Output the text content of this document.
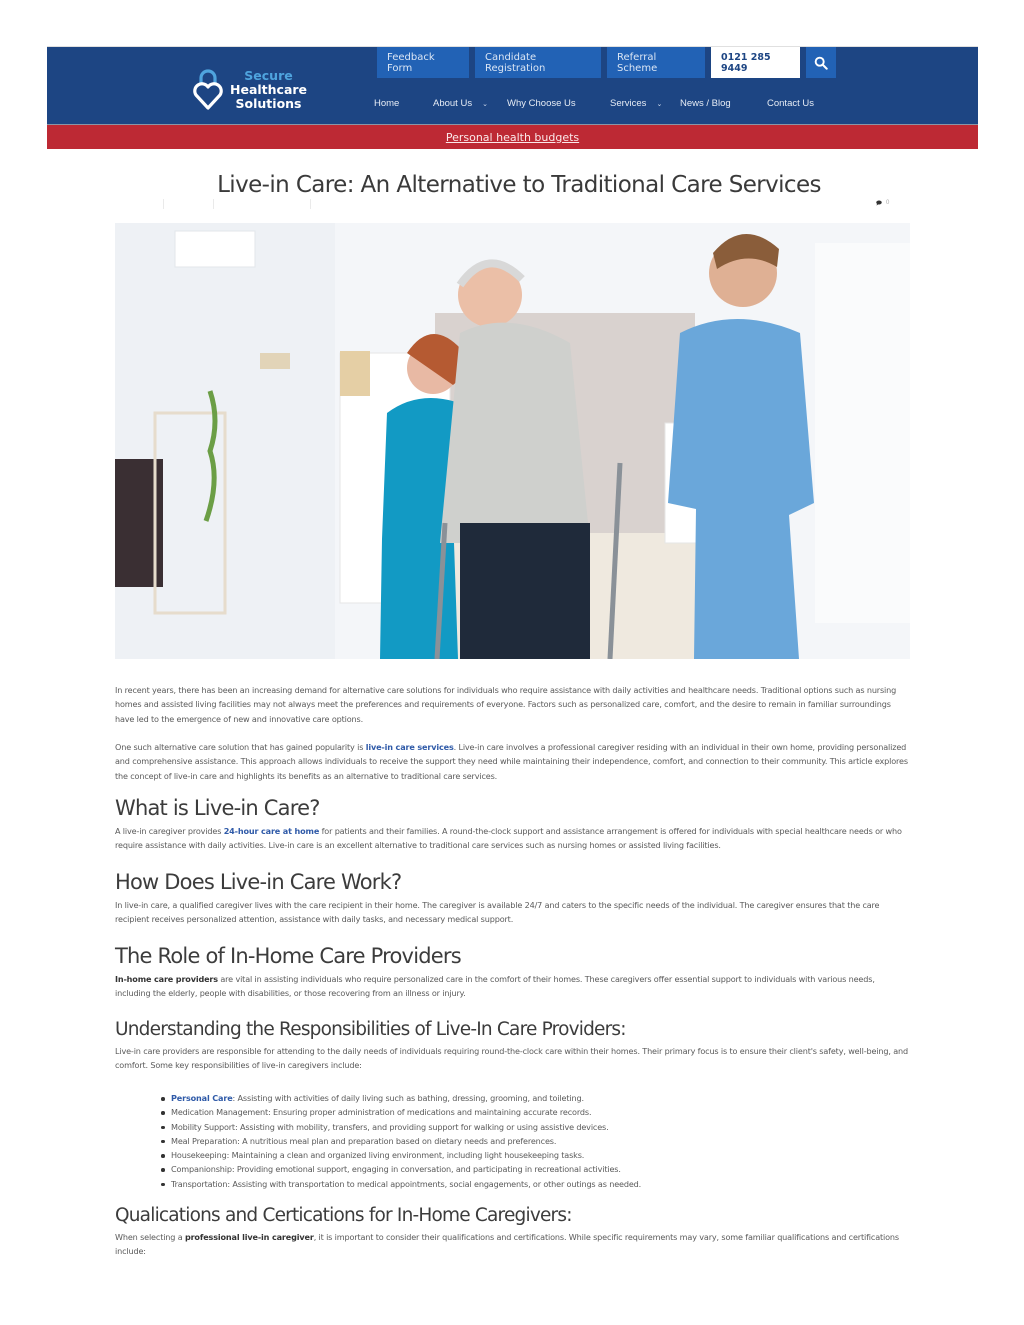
Secure
Healthcare
Solutions
Feedback Form
Candidate Registration
Referral Scheme
0121 285 9449
Home	About Us ⌄ Why Choose Us	Services ⌄ News / Blog	Contact Us
Personal health budgets
Live-in Care: An Alternative to Traditional Care Services
0

In recent years, there has been an increasing demand for alternative care solutions for individuals who require assistance with daily activities and healthcare needs. Traditional options such as nursing homes and assisted living facilities may not always meet the preferences and requirements of everyone. Factors such as personalized care, comfort, and the desire to remain in familiar surroundings have led to the emergence of new and innovative care options.

One such alternative care solution that has gained popularity is live-in care services. Live-in care involves a professional caregiver residing with an individual in their own home, providing personalized and comprehensive assistance. This approach allows individuals to receive the support they need while maintaining their independence, comfort, and connection to their community. This article explores the concept of live-in care and highlights its benefits as an alternative to traditional care services.

What is Live-in Care?

A live-in caregiver provides 24-hour care at home for patients and their families. A round-the-clock support and assistance arrangement is offered for individuals with special healthcare needs or who require assistance with daily activities. Live-in care is an excellent alternative to traditional care services such as nursing homes or assisted living facilities.

How Does Live-in Care Work?

In live-in care, a qualified caregiver lives with the care recipient in their home. The caregiver is available 24/7 and caters to the specific needs of the individual. The caregiver ensures that the care recipient receives personalized attention, assistance with daily tasks, and necessary medical support.

The Role of In-Home Care Providers

In-home care providers are vital in assisting individuals who require personalized care in the comfort of their homes. These caregivers offer essential support to individuals with various needs, including the elderly, people with disabilities, or those recovering from an illness or injury.

Understanding the Responsibilities of Live-In Care Providers:

Live-in care providers are responsible for attending to the daily needs of individuals requiring round-the-clock care within their homes. Their primary focus is to ensure their client's safety, well-being, and comfort. Some key responsibilities of live-in caregivers include:

Personal Care: Assisting with activities of daily living such as bathing, dressing, grooming, and toileting.
Medication Management: Ensuring proper administration of medications and maintaining accurate records.
Mobility Support: Assisting with mobility, transfers, and providing support for walking or using assistive devices.
Meal Preparation: A nutritious meal plan and preparation based on dietary needs and preferences.
Housekeeping: Maintaining a clean and organized living environment, including light housekeeping tasks.
Companionship: Providing emotional support, engaging in conversation, and participating in recreational activities.
Transportation: Assisting with transportation to medical appointments, social engagements, or other outings as needed.
Qualications and Certications for In-Home Caregivers:

When selecting a professional live-in caregiver, it is important to consider their qualifications and certifications. While specific requirements may vary, some familiar qualifications and certifications include:
